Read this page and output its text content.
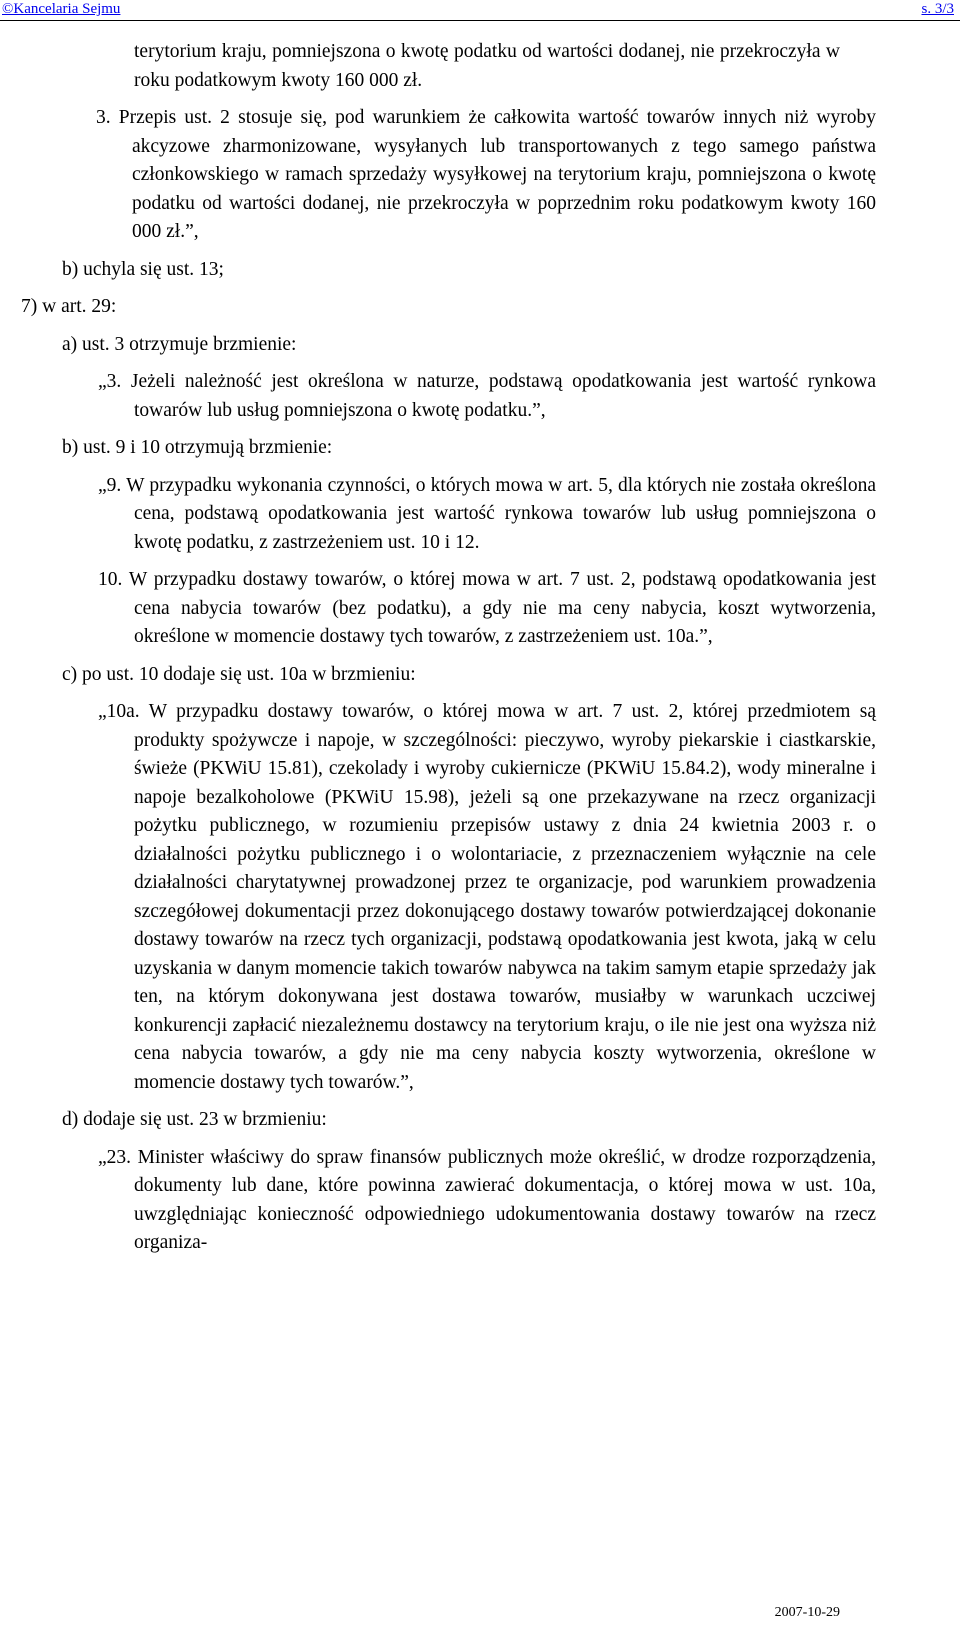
©Kancelaria Sejmu	s. 3/3

terytorium kraju, pomniejszona o kwotę podatku od wartości dodanej, nie przekroczyła w roku podatkowym kwoty 160 000 zł.

3. Przepis ust. 2 stosuje się, pod warunkiem że całkowita wartość towarów innych niż wyroby akcyzowe zharmonizowane, wysyłanych lub transportowanych z tego samego państwa członkowskiego w ramach sprzedaży wysyłkowej na terytorium kraju, pomniejszona o kwotę podatku od wartości dodanej, nie przekroczyła w poprzednim roku podatkowym kwoty 160 000 zł.”,

b) uchyla się ust. 13;

7) w art. 29:

a) ust. 3 otrzymuje brzmienie:

„3. Jeżeli należność jest określona w naturze, podstawą opodatkowania jest wartość rynkowa towarów lub usług pomniejszona o kwotę podatku.”,

b) ust. 9 i 10 otrzymują brzmienie:

„9. W przypadku wykonania czynności, o których mowa w art. 5, dla których nie została określona cena, podstawą opodatkowania jest wartość rynkowa towarów lub usług pomniejszona o kwotę podatku, z zastrzeżeniem ust. 10 i 12.

10. W przypadku dostawy towarów, o której mowa w art. 7 ust. 2, podstawą opodatkowania jest cena nabycia towarów (bez podatku), a gdy nie ma ceny nabycia, koszt wytworzenia, określone w momencie dostawy tych towarów, z zastrzeżeniem ust. 10a.”,

c) po ust. 10 dodaje się ust. 10a w brzmieniu:

„10a. W przypadku dostawy towarów, o której mowa w art. 7 ust. 2, której przedmiotem są produkty spożywcze i napoje, w szczególności: pieczywo, wyroby piekarskie i ciastkarskie, świeże (PKWiU 15.81), czekolady i wyroby cukiernicze (PKWiU 15.84.2), wody mineralne i napoje bezalkoholowe (PKWiU 15.98), jeżeli są one przekazywane na rzecz organizacji pożytku publicznego, w rozumieniu przepisów ustawy z dnia 24 kwietnia 2003 r. o działalności pożytku publicznego i o wolontariacie, z przeznaczeniem wyłącznie na cele działalności charytatywnej prowadzonej przez te organizacje, pod warunkiem prowadzenia szczegółowej dokumentacji przez dokonującego dostawy towarów potwierdzającej dokonanie dostawy towarów na rzecz tych organizacji, podstawą opodatkowania jest kwota, jaką w celu uzyskania w danym momencie takich towarów nabywca na takim samym etapie sprzedaży jak ten, na którym dokonywana jest dostawa towarów, musiałby w warunkach uczciwej konkurencji zapłacić niezależnemu dostawcy na terytorium kraju, o ile nie jest ona wyższa niż cena nabycia towarów, a gdy nie ma ceny nabycia koszty wytworzenia, określone w momencie dostawy tych towarów.”,

d) dodaje się ust. 23 w brzmieniu:

„23. Minister właściwy do spraw finansów publicznych może określić, w drodze rozporządzenia, dokumenty lub dane, które powinna zawierać dokumentacja, o której mowa w ust. 10a, uwzględniając konieczność odpowiedniego udokumentowania dostawy towarów na rzecz organiza-

2007-10-29
